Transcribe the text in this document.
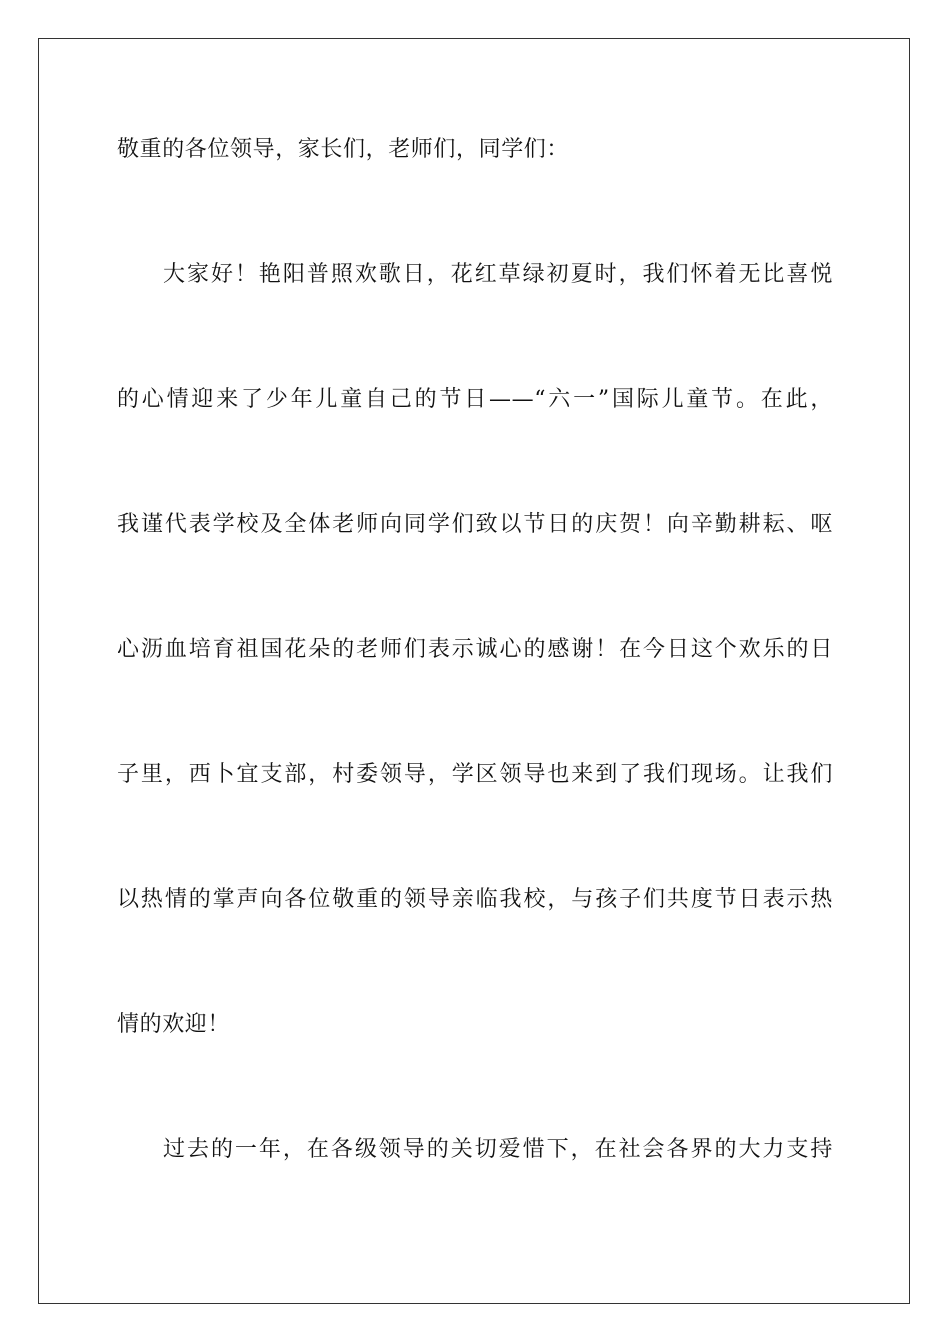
敬重的各位领导，家长们，老师们，同学们：
大家好！艳阳普照欢歌日，花红草绿初夏时，我们怀着无比喜悦
的心情迎来了少年儿童自己的节日——“六一”国际儿童节。在此，
我谨代表学校及全体老师向同学们致以节日的庆贺！向辛勤耕耘、呕
心沥血培育祖国花朵的老师们表示诚心的感谢！在今日这个欢乐的日
子里，西卜宜支部，村委领导，学区领导也来到了我们现场。让我们
以热情的掌声向各位敬重的领导亲临我校，与孩子们共度节日表示热
情的欢迎！
过去的一年，在各级领导的关切爱惜下，在社会各界的大力支持
